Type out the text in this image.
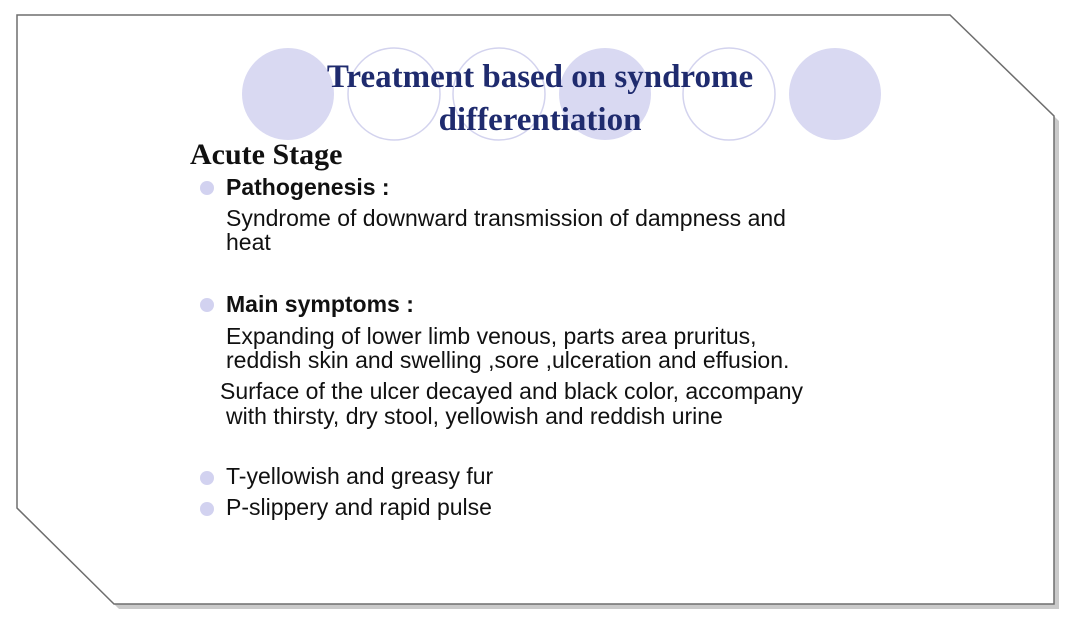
Treatment based on syndrome
differentiation
Acute Stage
Pathogenesis :
Syndrome of downward transmission of dampness and
heat
Main symptoms :
Expanding of lower limb venous, parts area pruritus,
reddish skin and swelling ,sore ,ulceration and effusion.
Surface of the ulcer decayed and black color, accompany
with thirsty, dry stool, yellowish and reddish urine
T-yellowish and greasy fur
P-slippery and rapid pulse
